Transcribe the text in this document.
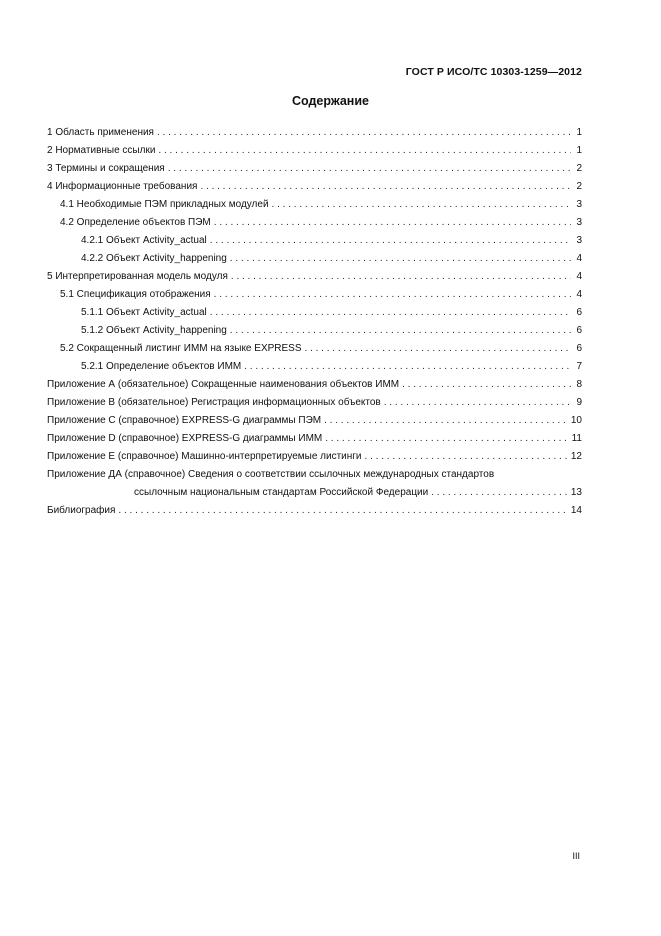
ГОСТ Р ИСО/ТС 10303-1259—2012
Содержание
1 Область применения . . .	1
2 Нормативные ссылки . . .	1
3 Термины и сокращения . . .	2
4 Информационные требования . . .	2
4.1 Необходимые ПЭМ прикладных модулей . . .	3
4.2 Определение объектов ПЭМ . . .	3
4.2.1 Объект Activity_actual . . .	3
4.2.2 Объект Activity_happening . . .	4
5 Интерпретированная модель модуля . . .	4
5.1 Спецификация отображения . . .	4
5.1.1 Объект Activity_actual . . .	6
5.1.2 Объект Activity_happening . . .	6
5.2 Сокращенный листинг ИММ на языке EXPRESS . . .	6
5.2.1 Определение объектов ИММ . . .	7
Приложение А (обязательное) Сокращенные наименования объектов ИММ . . .	8
Приложение В (обязательное) Регистрация информационных объектов . . .	9
Приложение С (справочное) EXPRESS-G диаграммы ПЭМ . . .	10
Приложение D (справочное) EXPRESS-G диаграммы ИММ . . .	11
Приложение Е (справочное) Машинно-интерпретируемые листинги . . .	12
Приложение ДА (справочное) Сведения о соответствии ссылочных международных стандартов
ссылочным национальным стандартам Российской Федерации . . .	13
Библиография . . .	14
III
